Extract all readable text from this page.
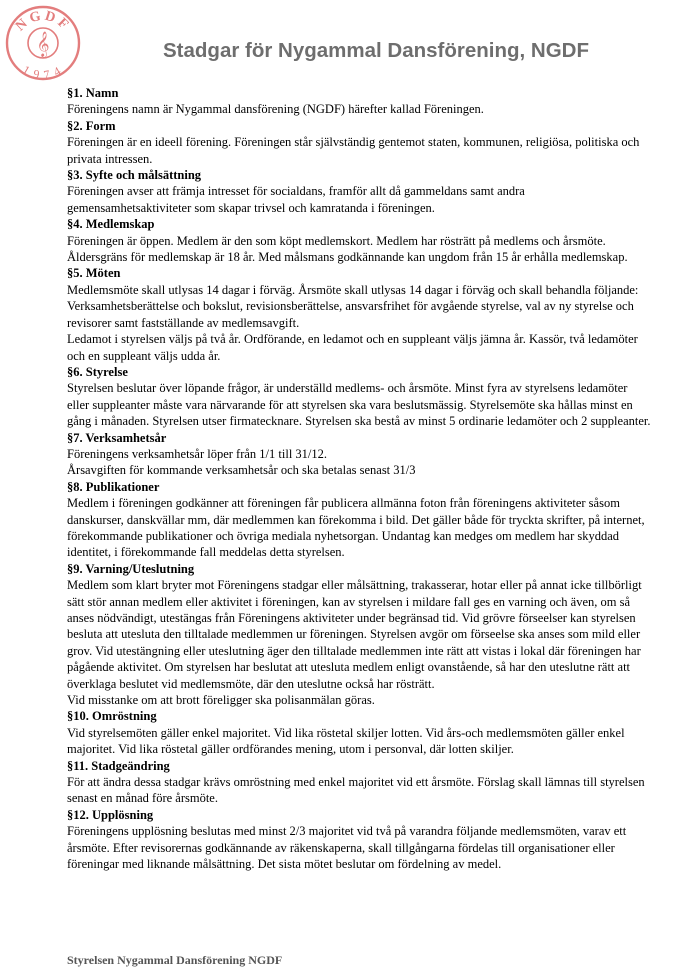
𝄞
NGDF
1974
Stadgar för Nygammal Dansförening, NGDF
§1. Namn

Föreningens namn är Nygammal dansförening (NGDF) härefter kallad Föreningen.

§2. Form

Föreningen är en ideell förening. Föreningen står självständig gentemot staten, kommunen, religiösa, politiska och
privata intressen.

§3. Syfte och målsättning

Föreningen avser att främja intresset för socialdans, framför allt då gammeldans samt andra
gemensamhetsaktiviteter som skapar trivsel och kamratanda i föreningen.

§4. Medlemskap

Föreningen är öppen. Medlem är den som köpt medlemskort. Medlem har rösträtt på medlems och årsmöte.
Åldersgräns för medlemskap är 18 år. Med målsmans godkännande kan ungdom från 15 år erhålla medlemskap.

§5. Möten

Medlemsmöte skall utlysas 14 dagar i förväg. Årsmöte skall utlysas 14 dagar i förväg och skall behandla följande:
Verksamhetsberättelse och bokslut, revisionsberättelse, ansvarsfrihet för avgående styrelse, val av ny styrelse och
revisorer samt fastställande av medlemsavgift.

Ledamot i styrelsen väljs på två år. Ordförande, en ledamot och en suppleant väljs jämna år. Kassör, två ledamöter
och en suppleant väljs udda år.

§6. Styrelse

Styrelsen beslutar över löpande frågor, är underställd medlems- och årsmöte. Minst fyra av styrelsens ledamöter
eller suppleanter måste vara närvarande för att styrelsen ska vara beslutsmässig. Styrelsemöte ska hållas minst en
gång i månaden. Styrelsen utser firmatecknare. Styrelsen ska bestå av minst 5 ordinarie ledamöter och 2 suppleanter.

§7. Verksamhetsår

Föreningens verksamhetsår löper från 1/1 till 31/12.

Årsavgiften för kommande verksamhetsår och ska betalas senast 31/3

§8. Publikationer

Medlem i föreningen godkänner att föreningen får publicera allmänna foton från föreningens aktiviteter såsom
danskurser, danskvällar mm, där medlemmen kan förekomma i bild. Det gäller både för tryckta skrifter, på internet,
förekommande publikationer och övriga mediala nyhetsorgan. Undantag kan medges om medlem har skyddad
identitet, i förekommande fall meddelas detta styrelsen.

§9. Varning/Uteslutning

Medlem som klart bryter mot Föreningens stadgar eller målsättning, trakasserar, hotar eller på annat icke tillbörligt
sätt stör annan medlem eller aktivitet i föreningen, kan av styrelsen i mildare fall ges en varning och även, om så
anses nödvändigt, utestängas från Föreningens aktiviteter under begränsad tid. Vid grövre förseelser kan styrelsen
besluta att utesluta den tilltalade medlemmen ur föreningen. Styrelsen avgör om förseelse ska anses som mild eller
grov. Vid utestängning eller uteslutning äger den tilltalade medlemmen inte rätt att vistas i lokal där föreningen har
pågående aktivitet. Om styrelsen har beslutat att utesluta medlem enligt ovanstående, så har den uteslutne rätt att
överklaga beslutet vid medlemsmöte, där den uteslutne också har rösträtt.

Vid misstanke om att brott föreligger ska polisanmälan göras.

§10. Omröstning

Vid styrelsemöten gäller enkel majoritet. Vid lika röstetal skiljer lotten. Vid års-och medlemsmöten gäller enkel
majoritet. Vid lika röstetal gäller ordförandes mening, utom i personval, där lotten skiljer.

§11. Stadgeändring

För att ändra dessa stadgar krävs omröstning med enkel majoritet vid ett årsmöte. Förslag skall lämnas till styrelsen
senast en månad före årsmöte.

§12. Upplösning

Föreningens upplösning beslutas med minst 2/3 majoritet vid två på varandra följande medlemsmöten, varav ett
årsmöte. Efter revisorernas godkännande av räkenskaperna, skall tillgångarna fördelas till organisationer eller
föreningar med liknande målsättning. Det sista mötet beslutar om fördelning av medel.

Styrelsen Nygammal Dansförening NGDF
